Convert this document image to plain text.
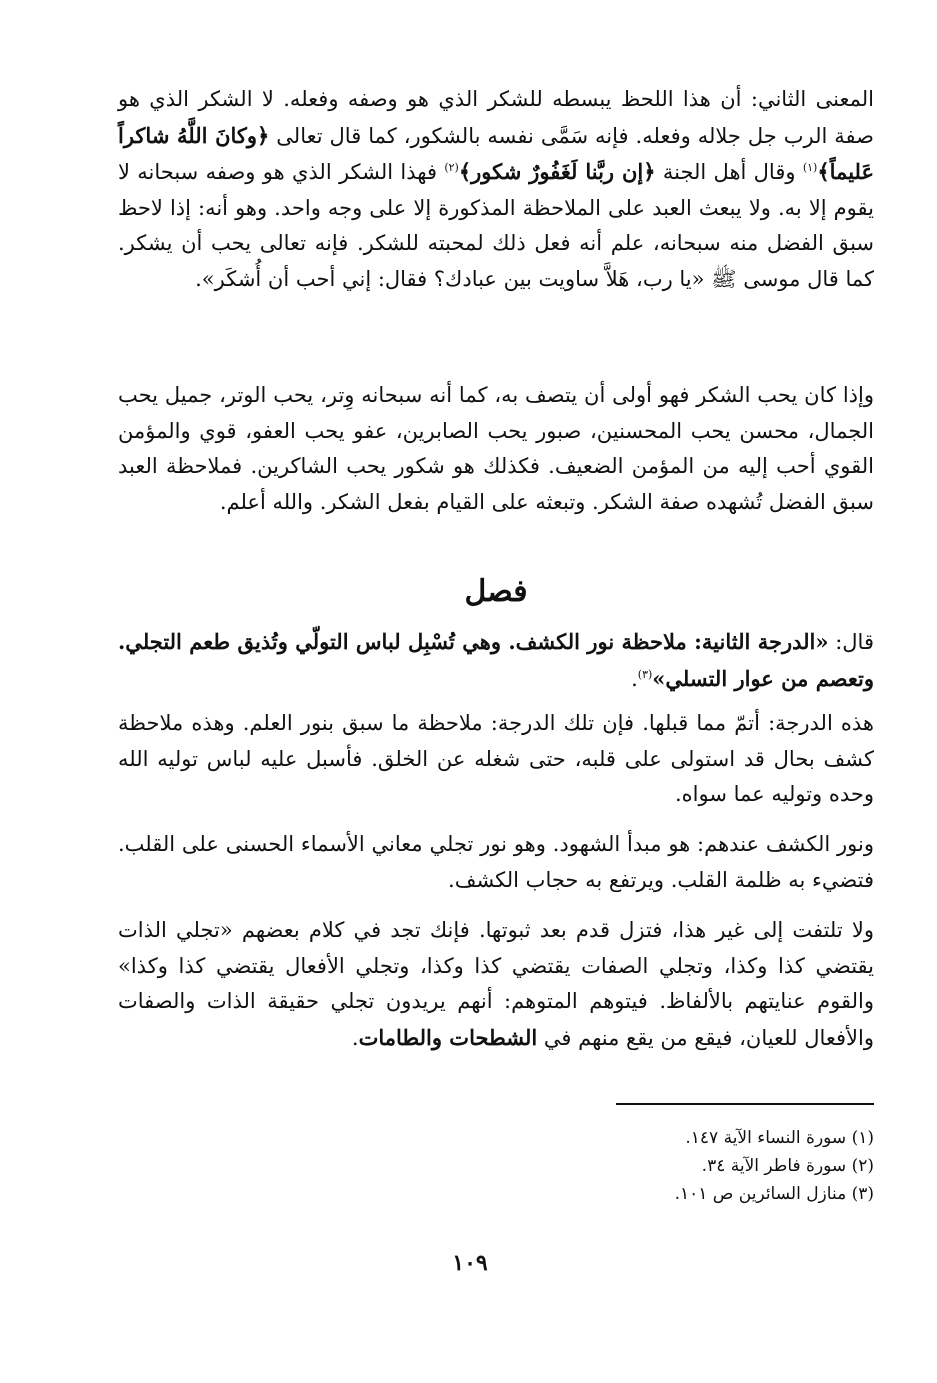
المعنى الثاني: أن هذا اللحظ يبسطه للشكر الذي هو وصفه وفعله. لا الشكر الذي هو صفة الرب جل جلاله وفعله. فإنه سَمَّى نفسه بالشكور، كما قال تعالى ﴿وكانَ اللَّهُ شاكراً عَليماً﴾$^{(١)}$ وقال أهل الجنة ﴿إن ربَّنا لَغَفُورٌ شكور﴾$^{(٢)}$ فهذا الشكر الذي هو وصفه سبحانه لا يقوم إلا به. ولا يبعث العبد على الملاحظة المذكورة إلا على وجه واحد. وهو أنه: إذا لاحظ سبق الفضل منه سبحانه، علم أنه فعل ذلك لمحبته للشكر. فإنه تعالى يحب أن يشكر. كما قال موسى ﷺ «يا رب، هَلاَّ ساويت بين عبادك؟ فقال: إني أحب أن أُشكَر».

وإذا كان يحب الشكر فهو أولى أن يتصف به، كما أنه سبحانه وِتر، يحب الوتر، جميل يحب الجمال، محسن يحب المحسنين، صبور يحب الصابرين، عفو يحب العفو، قوي والمؤمن القوي أحب إليه من المؤمن الضعيف. فكذلك هو شكور يحب الشاكرين. فملاحظة العبد سبق الفضل تُشهده صفة الشكر. وتبعثه على القيام بفعل الشكر. والله أعلم.

فصل

قال: «الدرجة الثانية: ملاحظة نور الكشف. وهي تُسْبِل لباس التولّي وتُذيق طعم التجلي. وتعصم من عوار التسلي»$^{(٣)}$.

هذه الدرجة: أتمّ مما قبلها. فإن تلك الدرجة: ملاحظة ما سبق بنور العلم. وهذه ملاحظة كشف بحال قد استولى على قلبه، حتى شغله عن الخلق. فأسبل عليه لباس توليه الله وحده وتوليه عما سواه.

ونور الكشف عندهم: هو مبدأ الشهود. وهو نور تجلي معاني الأسماء الحسنى على القلب. فتضيء به ظلمة القلب. ويرتفع به حجاب الكشف.

ولا تلتفت إلى غير هذا، فتزل قدم بعد ثبوتها. فإنك تجد في كلام بعضهم «تجلي الذات يقتضي كذا وكذا، وتجلي الصفات يقتضي كذا وكذا، وتجلي الأفعال يقتضي كذا وكذا» والقوم عنايتهم بالألفاظ. فيتوهم المتوهم: أنهم يريدون تجلي حقيقة الذات والصفات والأفعال للعيان، فيقع من يقع منهم في الشطحات والطامات.

(١) سورة النساء الآية ١٤٧.
(٢) سورة فاطر الآية ٣٤.
(٣) منازل السائرين ص ١٠١.
١٠٩
